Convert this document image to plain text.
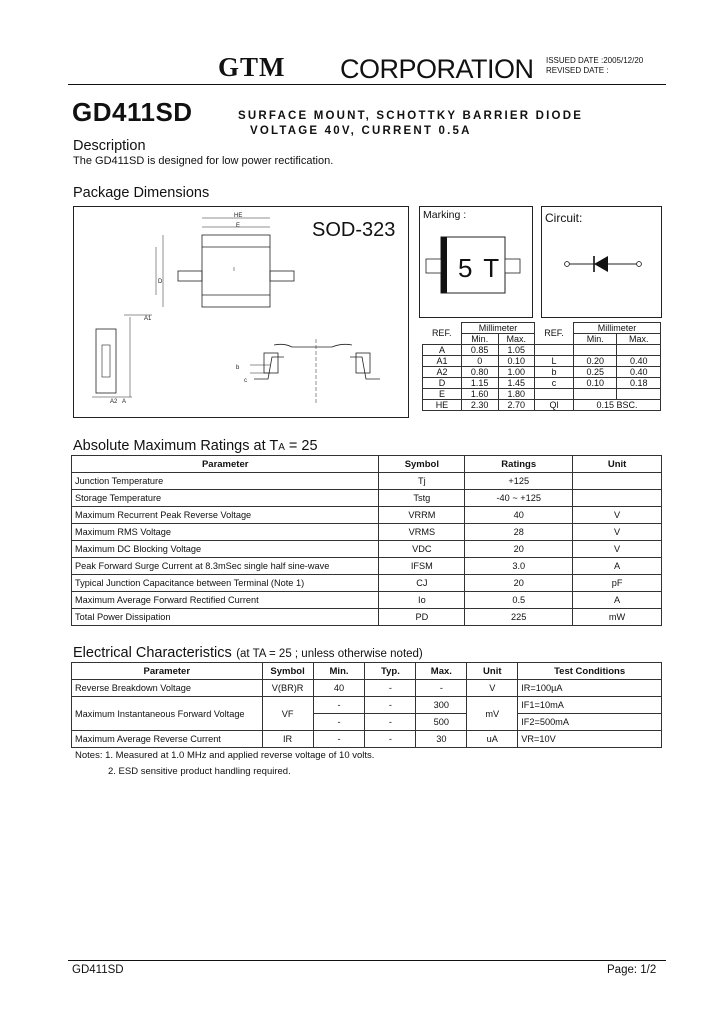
GTM CORPORATION ISSUED DATE :2005/12/20
REVISED DATE :
GD411SD	SURFACE MOUNT, SCHOTTKY BARRIER DIODE
VOLTAGE 40V, CURRENT 0.5A
Description
The GD411SD is designed for low power rectification.
Package Dimensions
SOD-323
HE
E
D
A1
A2 A
b
c
Marking :
5 T
Circuit:
REF.	Millimeter		REF.	Millimeter	
	Min.	Max.		Min.	Max.
A	0.85	1.05			
A1	0	0.10	L	0.20	0.40
A2	0.80	1.00	b	0.25	0.40
D	1.15	1.45	c	0.10	0.18
E	1.60	1.80			
HE	2.30	2.70	Ql	0.15 BSC.	
Absolute Maximum Ratings at TA = 25
Parameter	Symbol	Ratings	Unit
Junction Temperature	Tj	+125	
Storage Temperature	Tstg	-40 ~ +125	
Maximum Recurrent Peak Reverse Voltage	VRRM	40	V
Maximum RMS Voltage	VRMS	28	V
Maximum DC Blocking Voltage	VDC	20	V
Peak Forward Surge Current at 8.3mSec single half sine-wave	IFSM	3.0	A
Typical Junction Capacitance between Terminal (Note 1)	CJ	20	pF
Maximum Average Forward Rectified Current	Io	0.5	A
Total Power Dissipation	PD	225	mW
Electrical Characteristics (at TA = 25 ; unless otherwise noted)
Parameter	Symbol	Min.	Typ.	Max.	Unit	Test Conditions
Reverse Breakdown Voltage	V(BR)R	40	-	-	V	IR=100µA
Maximum Instantaneous Forward Voltage	VF	-	-	300	mV	IF1=10mA
		-	-	500		IF2=500mA
Maximum Average Reverse Current	IR	-	-	30	uA	VR=10V
Notes: 1. Measured at 1.0 MHz and applied reverse voltage of 10 volts.
2. ESD sensitive product handling required.
GD411SD	Page: 1/2
